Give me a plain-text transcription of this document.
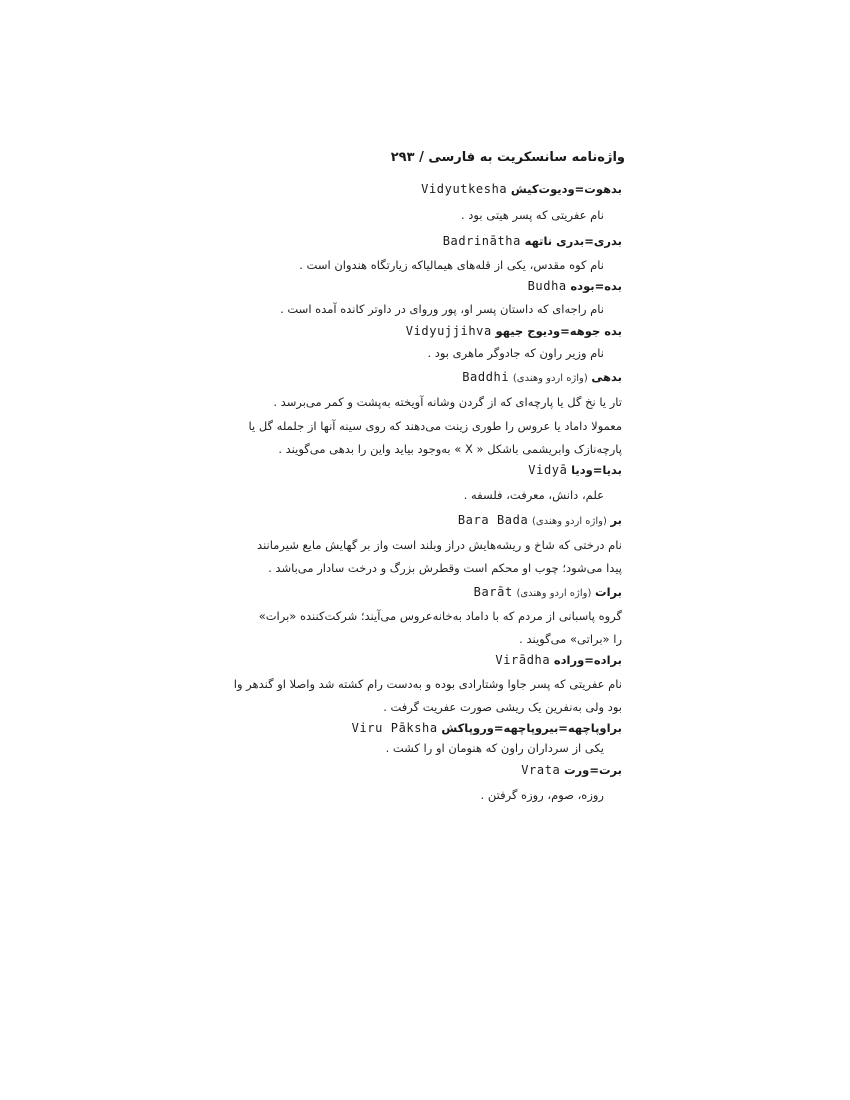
واژه‌نامه سانسکریت به فارسی / ۲۹۳
بدهوت=ودیوت‌کیش Vidyutkesha
نام عفریتی که پسر هیتی بود .
بدری=بدری ناتهه Badrinātha
نام کوه مقدس، یکی از قله‌های هیمالیاکه زیارتگاه هندوان است .
بده=بوده Budha
نام راجه‌ای که داستان پسر او، پور وروای در داوتر کانده آمده است .
بده جوهه=ودیوج جیهو Vidyujjihva
نام وزیر راون که جادوگر ماهری بود .
بدهی (واژه اردو وهندی) Baddhi
تار یا نخ گل یا پارچه‌ای که از گردن وشانه آویخته به‌پشت و کمر می‌برسد .
معمولا داماد یا عروس را طوری زینت می‌دهند که روی سینه آنها از جلمله گل یا
پارچه‌نازک وابریشمی باشکل « X » به‌وجود بیاید واین را بدهی می‌گویند .
بدیا=ودیا Vidyā
علم، دانش، معرفت، فلسفه .
بر (واژه اردو وهندی) Bara Bada
نام درختی که شاخ و ریشه‌هایش دراز وبلند است واز بر گهایش مایع شیرمانند
پیدا می‌شود؛ چوب او محکم است وقطرش بزرگ و درخت سادار می‌باشد .
برات (واژه اردو وهندی) Barāt
گروه پاسبانی از مردم که با داماد به‌خانه‌عروس می‌آیند؛ شرکت‌کننده «برات»
را «براتی» می‌گویند .
براده=وراده Virādha
نام عفریتی که پسر جاوا وشتارادی بوده و به‌دست رام کشته شد واصلا او گندهر وا
بود ولی به‌نفرین یک ریشی صورت عفریت گرفت .
براوپاچهه=بیروپاچهه=وروپاکش Viru Pāksha
یکی از سرداران راون که هنومان او را کشت .
برت=ورت Vrata
روزه، صوم، روزه گرفتن .
